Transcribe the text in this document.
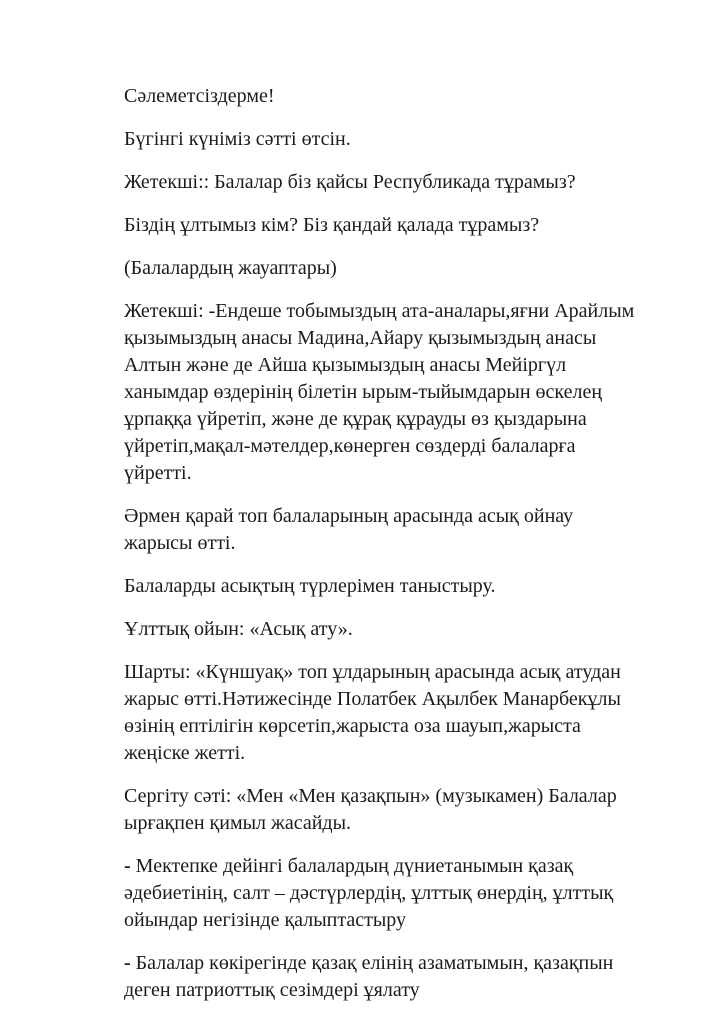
Сәлеметсіздерме!

Бүгінгі күніміз сәтті өтсін.

Жетекші:: Балалар біз қайсы Республикада тұрамыз?

Біздің ұлтымыз кім? Біз қандай қалада тұрамыз?

(Балалардың жауаптары)

Жетекші: -Ендеше тобымыздың ата-аналары,яғни Арайлым қызымыздың анасы Мадина,Айару қызымыздың анасы Алтын және де Айша қызымыздың анасы Мейіргүл ханымдар өздерінің білетін ырым-тыйымдарын өскелең ұрпаққа үйретіп, және де құрақ құрауды өз қыздарына үйретіп,мақал-мәтелдер,көнерген сөздерді балаларға үйретті.

Әрмен қарай топ балаларының арасында асық ойнау жарысы өтті.

Балаларды асықтың түрлерімен таныстыру.

Ұлттық ойын: «Асық ату».

Шарты: «Күншуақ» топ ұлдарының арасында асық атудан жарыс өтті.Нәтижесінде Полатбек Ақылбек Манарбекұлы өзінің ептілігін көрсетіп,жарыста оза шауып,жарыста жеңіске жетті.

Сергіту сәті: «Мен «Мен қазақпын» (музыкамен) Балалар ырғақпен қимыл жасайды.

- Мектепке дейінгі балалардың дүниетанымын қазақ әдебиетінің, салт – дәстүрлердің, ұлттық өнердің, ұлттық ойындар негізінде қалыптастыру

- Балалар көкірегінде қазақ елінің азаматымын, қазақпын деген патриоттық сезімдері ұялату
